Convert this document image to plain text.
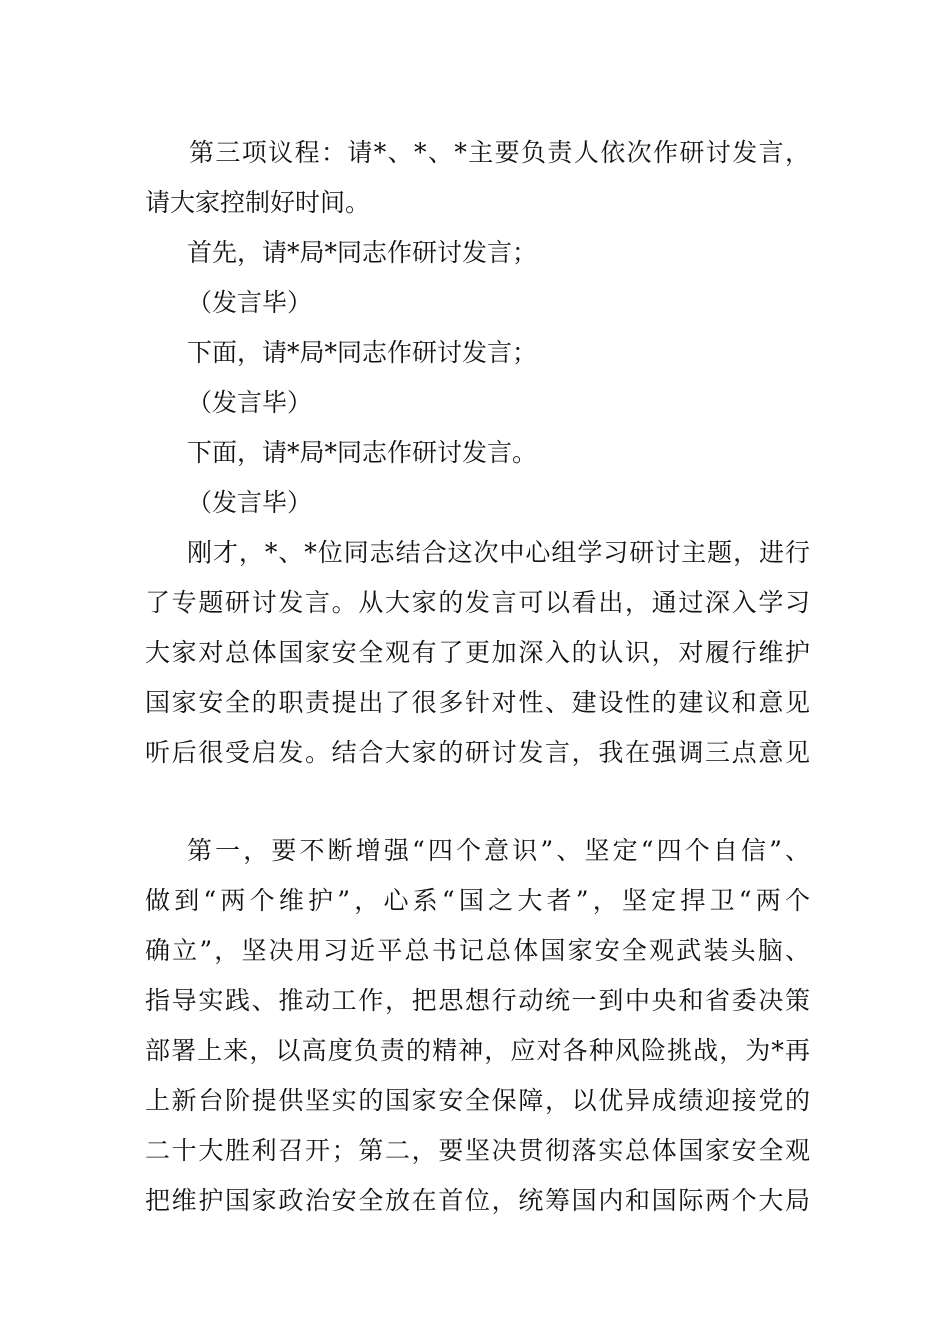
第三项议程：请*、*、*主要负责人依次作研讨发言，
请大家控制好时间。
首先，请*局*同志作研讨发言；
（发言毕）
下面，请*局*同志作研讨发言；
（发言毕）
下面，请*局*同志作研讨发言。
（发言毕）
刚才，*、*位同志结合这次中心组学习研讨主题，进行
了专题研讨发言。从大家的发言可以看出，通过深入学习
大家对总体国家安全观有了更加深入的认识，对履行维护
国家安全的职责提出了很多针对性、建设性的建议和意见
听后很受启发。结合大家的研讨发言，我在强调三点意见
第一，要不断增强“四个意识”、坚定“四个自信”、
做到“两个维护”，心系“国之大者”，坚定捍卫“两个
确立”，坚决用习近平总书记总体国家安全观武装头脑、
指导实践、推动工作，把思想行动统一到中央和省委决策
部署上来，以高度负责的精神，应对各种风险挑战，为*再
上新台阶提供坚实的国家安全保障，以优异成绩迎接党的
二十大胜利召开；第二，要坚决贯彻落实总体国家安全观
把维护国家政治安全放在首位，统筹国内和国际两个大局
